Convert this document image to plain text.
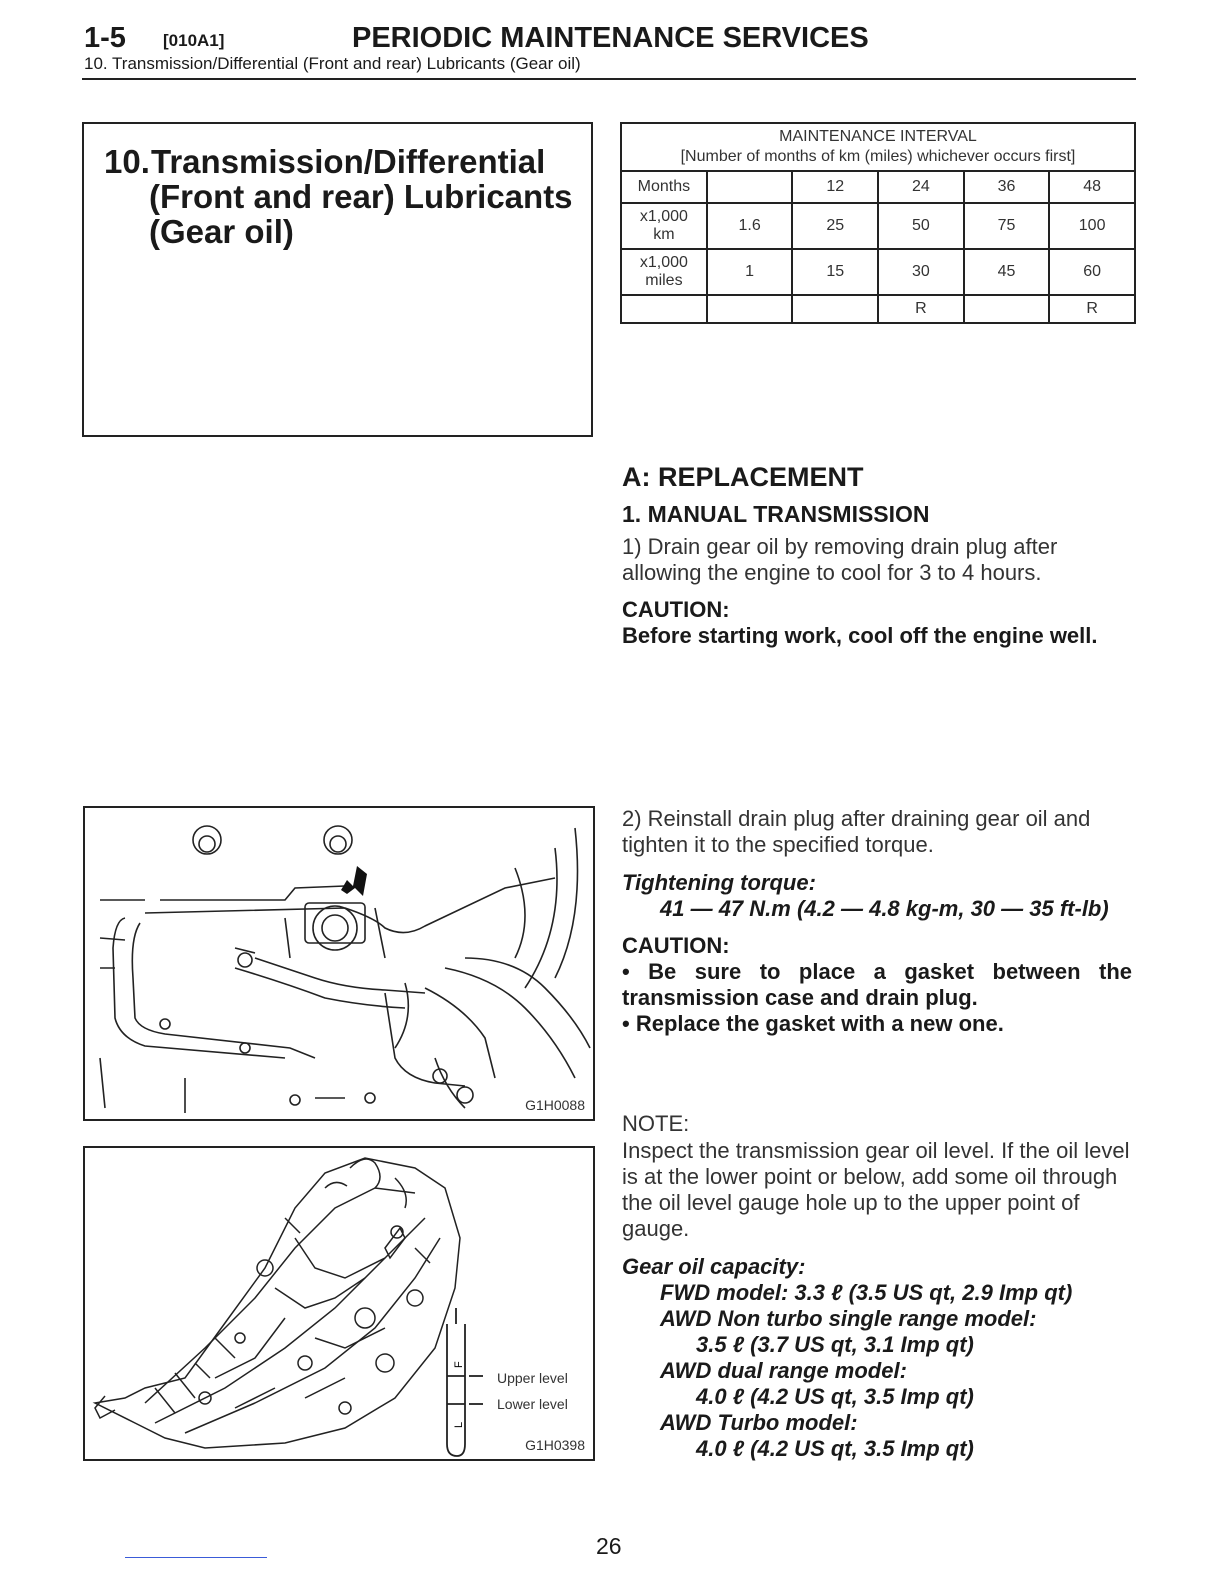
1-5 [010A1]	PERIODIC MAINTENANCE SERVICES
10. Transmission/Differential (Front and rear) Lubricants (Gear oil)
10.Transmission/Differential
(Front and rear) Lubricants
(Gear oil)
MAINTENANCE INTERVAL
[Number of months of km (miles) whichever occurs first]					

Months		12	24	36	48

x1,000
km	1.6	25	50	75	100

x1,000
miles	1	15	30	45	60
			R		R
A: REPLACEMENT
1. MANUAL TRANSMISSION
1) Drain gear oil by removing drain plug after allowing the engine to cool for 3 to 4 hours.
CAUTION:
Before starting work, cool off the engine well.
2) Reinstall drain plug after draining gear oil and tighten it to the specified torque.
Tightening torque:
41 — 47 N.m (4.2 — 4.8 kg-m, 30 — 35 ft-lb)
CAUTION:
• Be sure to place a gasket between the transmission case and drain plug.
• Replace the gasket with a new one.
NOTE:
Inspect the transmission gear oil level. If the oil level is at the lower point or below, add some oil through the oil level gauge hole up to the upper point of gauge.
Gear oil capacity:
FWD model: 3.3 ℓ (3.5 US qt, 2.9 Imp qt)
AWD Non turbo single range model:
3.5 ℓ (3.7 US qt, 3.1 Imp qt)
AWD dual range model:
4.0 ℓ (4.2 US qt, 3.5 Imp qt)
AWD Turbo model:
4.0 ℓ (4.2 US qt, 3.5 Imp qt)
G1H0088
F
L
Upper level
Lower level
G1H0398
26
